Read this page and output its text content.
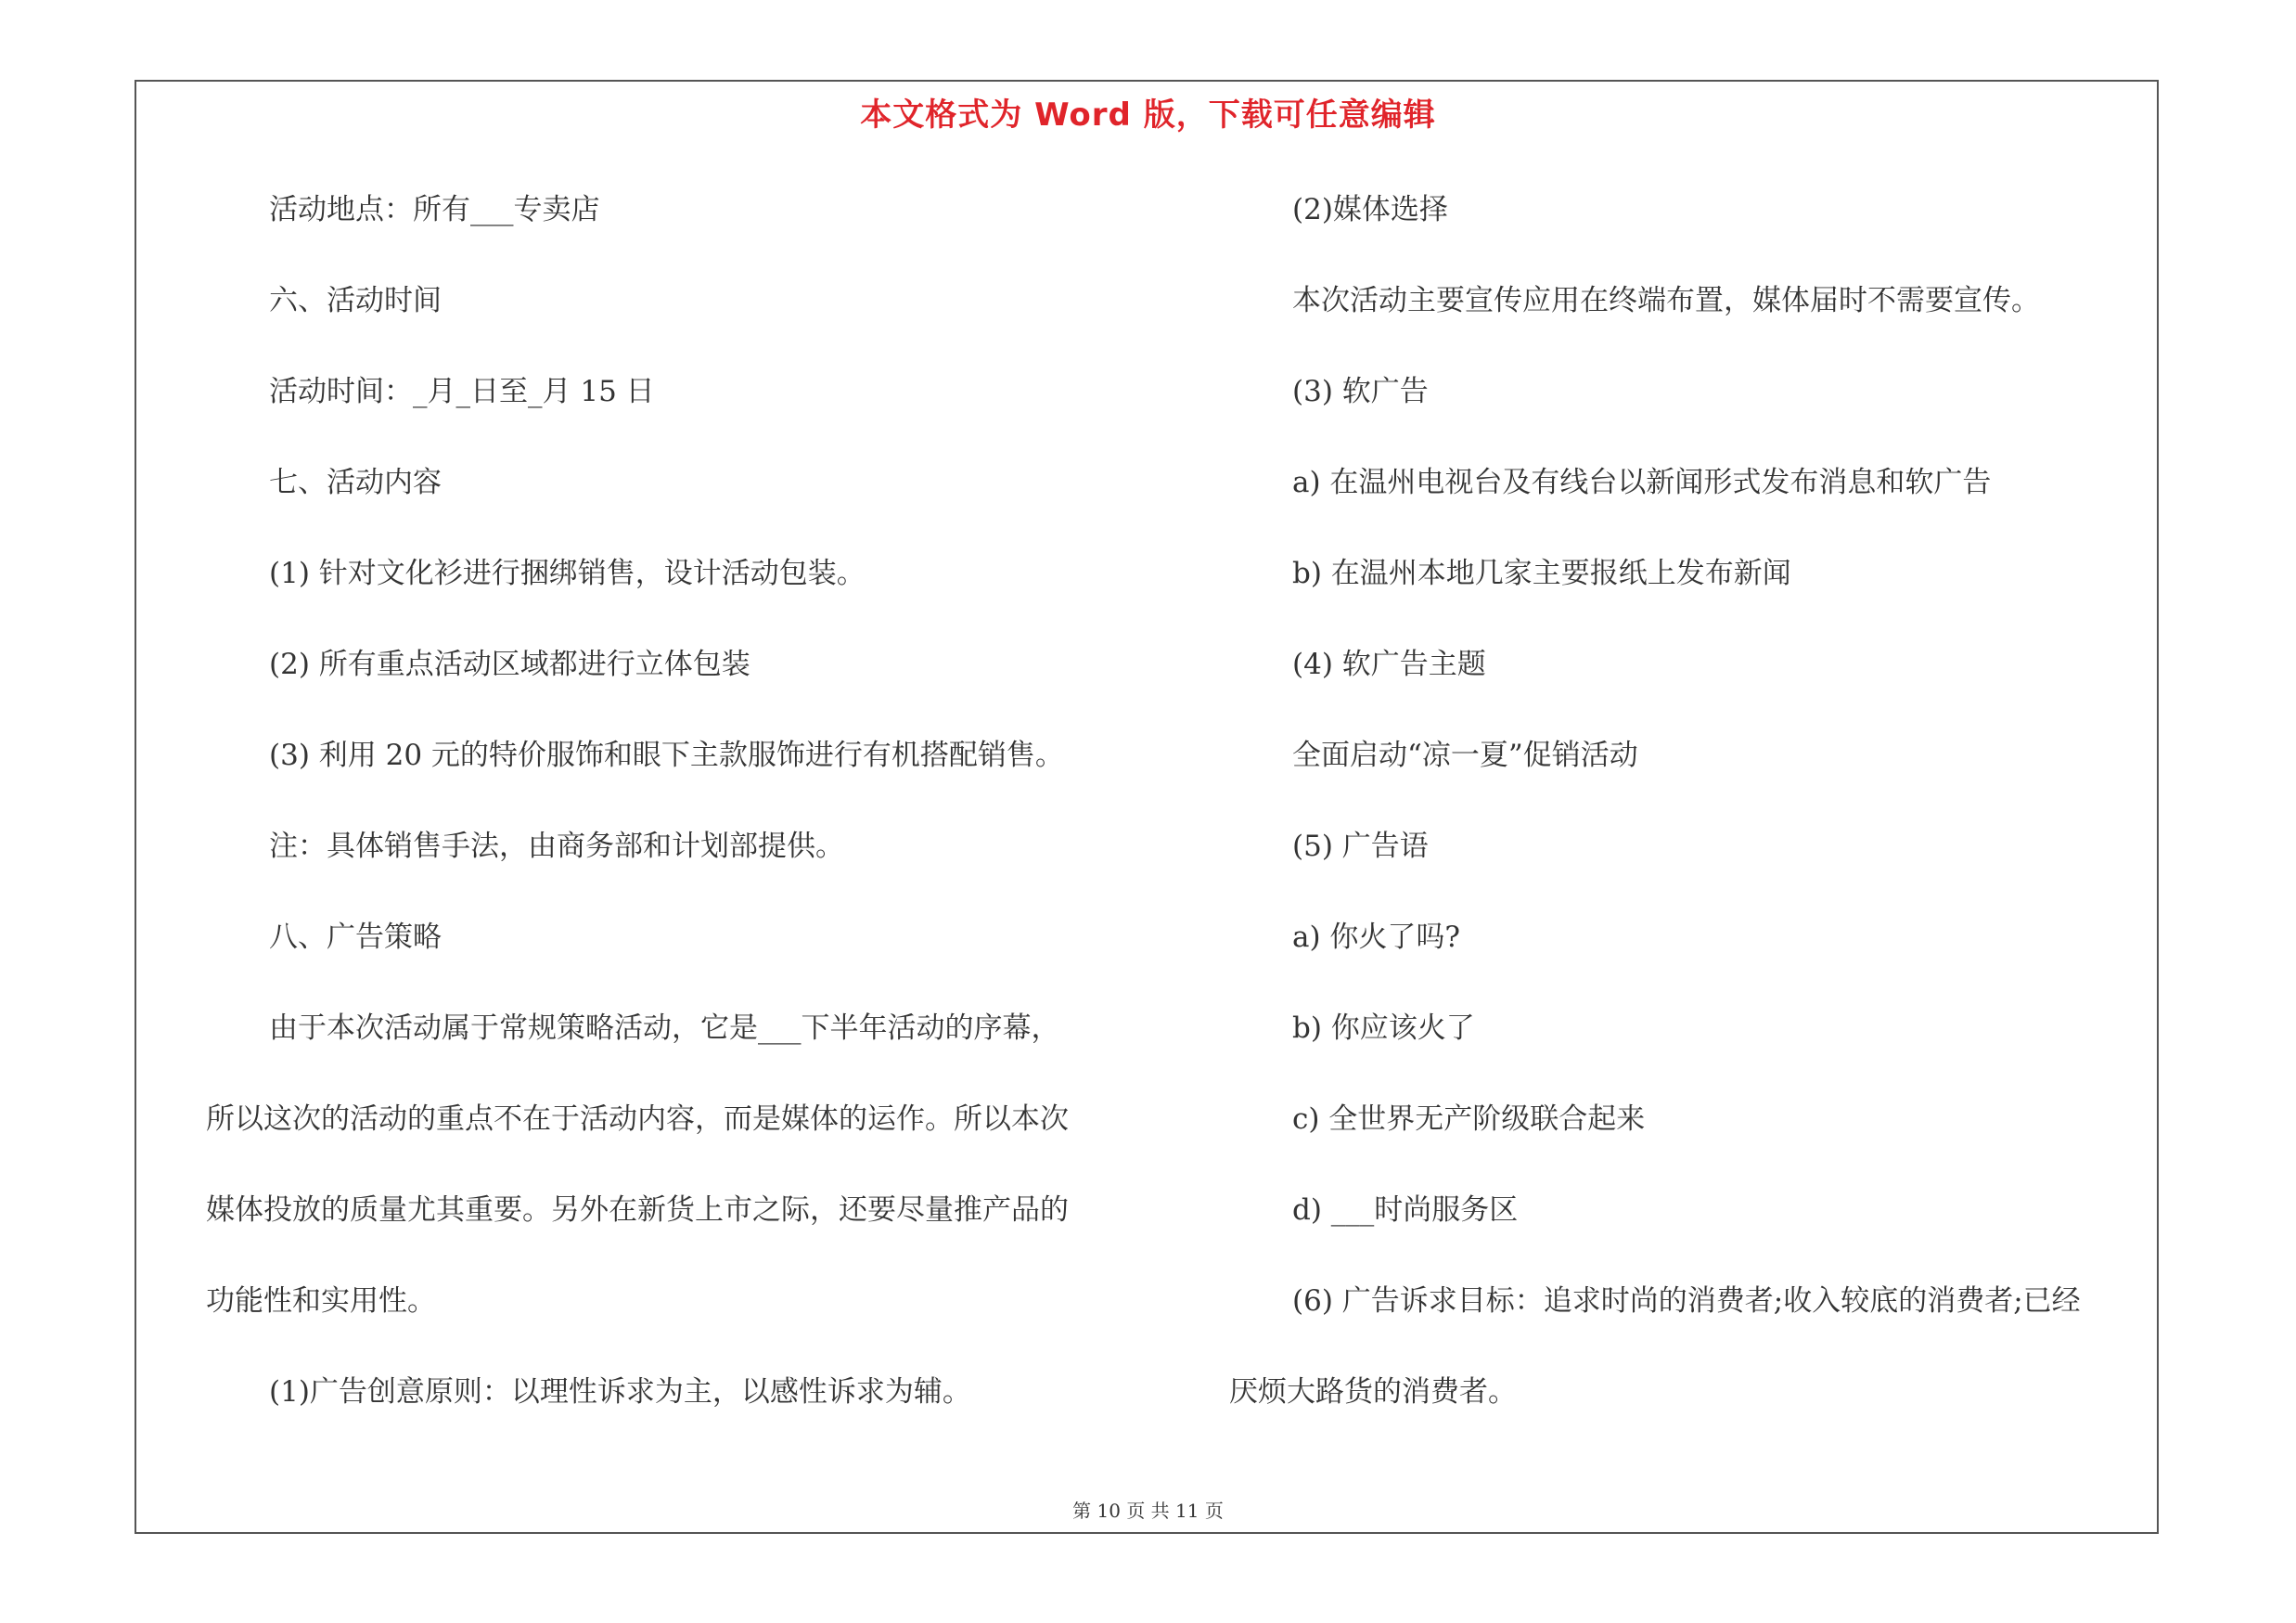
本文格式为 Word 版，下载可任意编辑
活动地点：所有___专卖店
六、活动时间
活动时间：_月_日至_月 15 日
七、活动内容
(1) 针对文化衫进行捆绑销售，设计活动包装。
(2) 所有重点活动区域都进行立体包装
(3) 利用 20 元的特价服饰和眼下主款服饰进行有机搭配销售。
注：具体销售手法，由商务部和计划部提供。
八、广告策略
由于本次活动属于常规策略活动，它是___下半年活动的序幕，
所以这次的活动的重点不在于活动内容，而是媒体的运作。所以本次
媒体投放的质量尤其重要。另外在新货上市之际，还要尽量推产品的
功能性和实用性。
(1)广告创意原则：以理性诉求为主，以感性诉求为辅。
(2)媒体选择
本次活动主要宣传应用在终端布置，媒体届时不需要宣传。
(3) 软广告
a) 在温州电视台及有线台以新闻形式发布消息和软广告
b) 在温州本地几家主要报纸上发布新闻
(4) 软广告主题
全面启动“凉一夏”促销活动
(5) 广告语
a) 你火了吗?
b) 你应该火了
c) 全世界无产阶级联合起来
d) ___时尚服务区
(6) 广告诉求目标：追求时尚的消费者;收入较底的消费者;已经
厌烦大路货的消费者。
第 10 页 共 11 页
